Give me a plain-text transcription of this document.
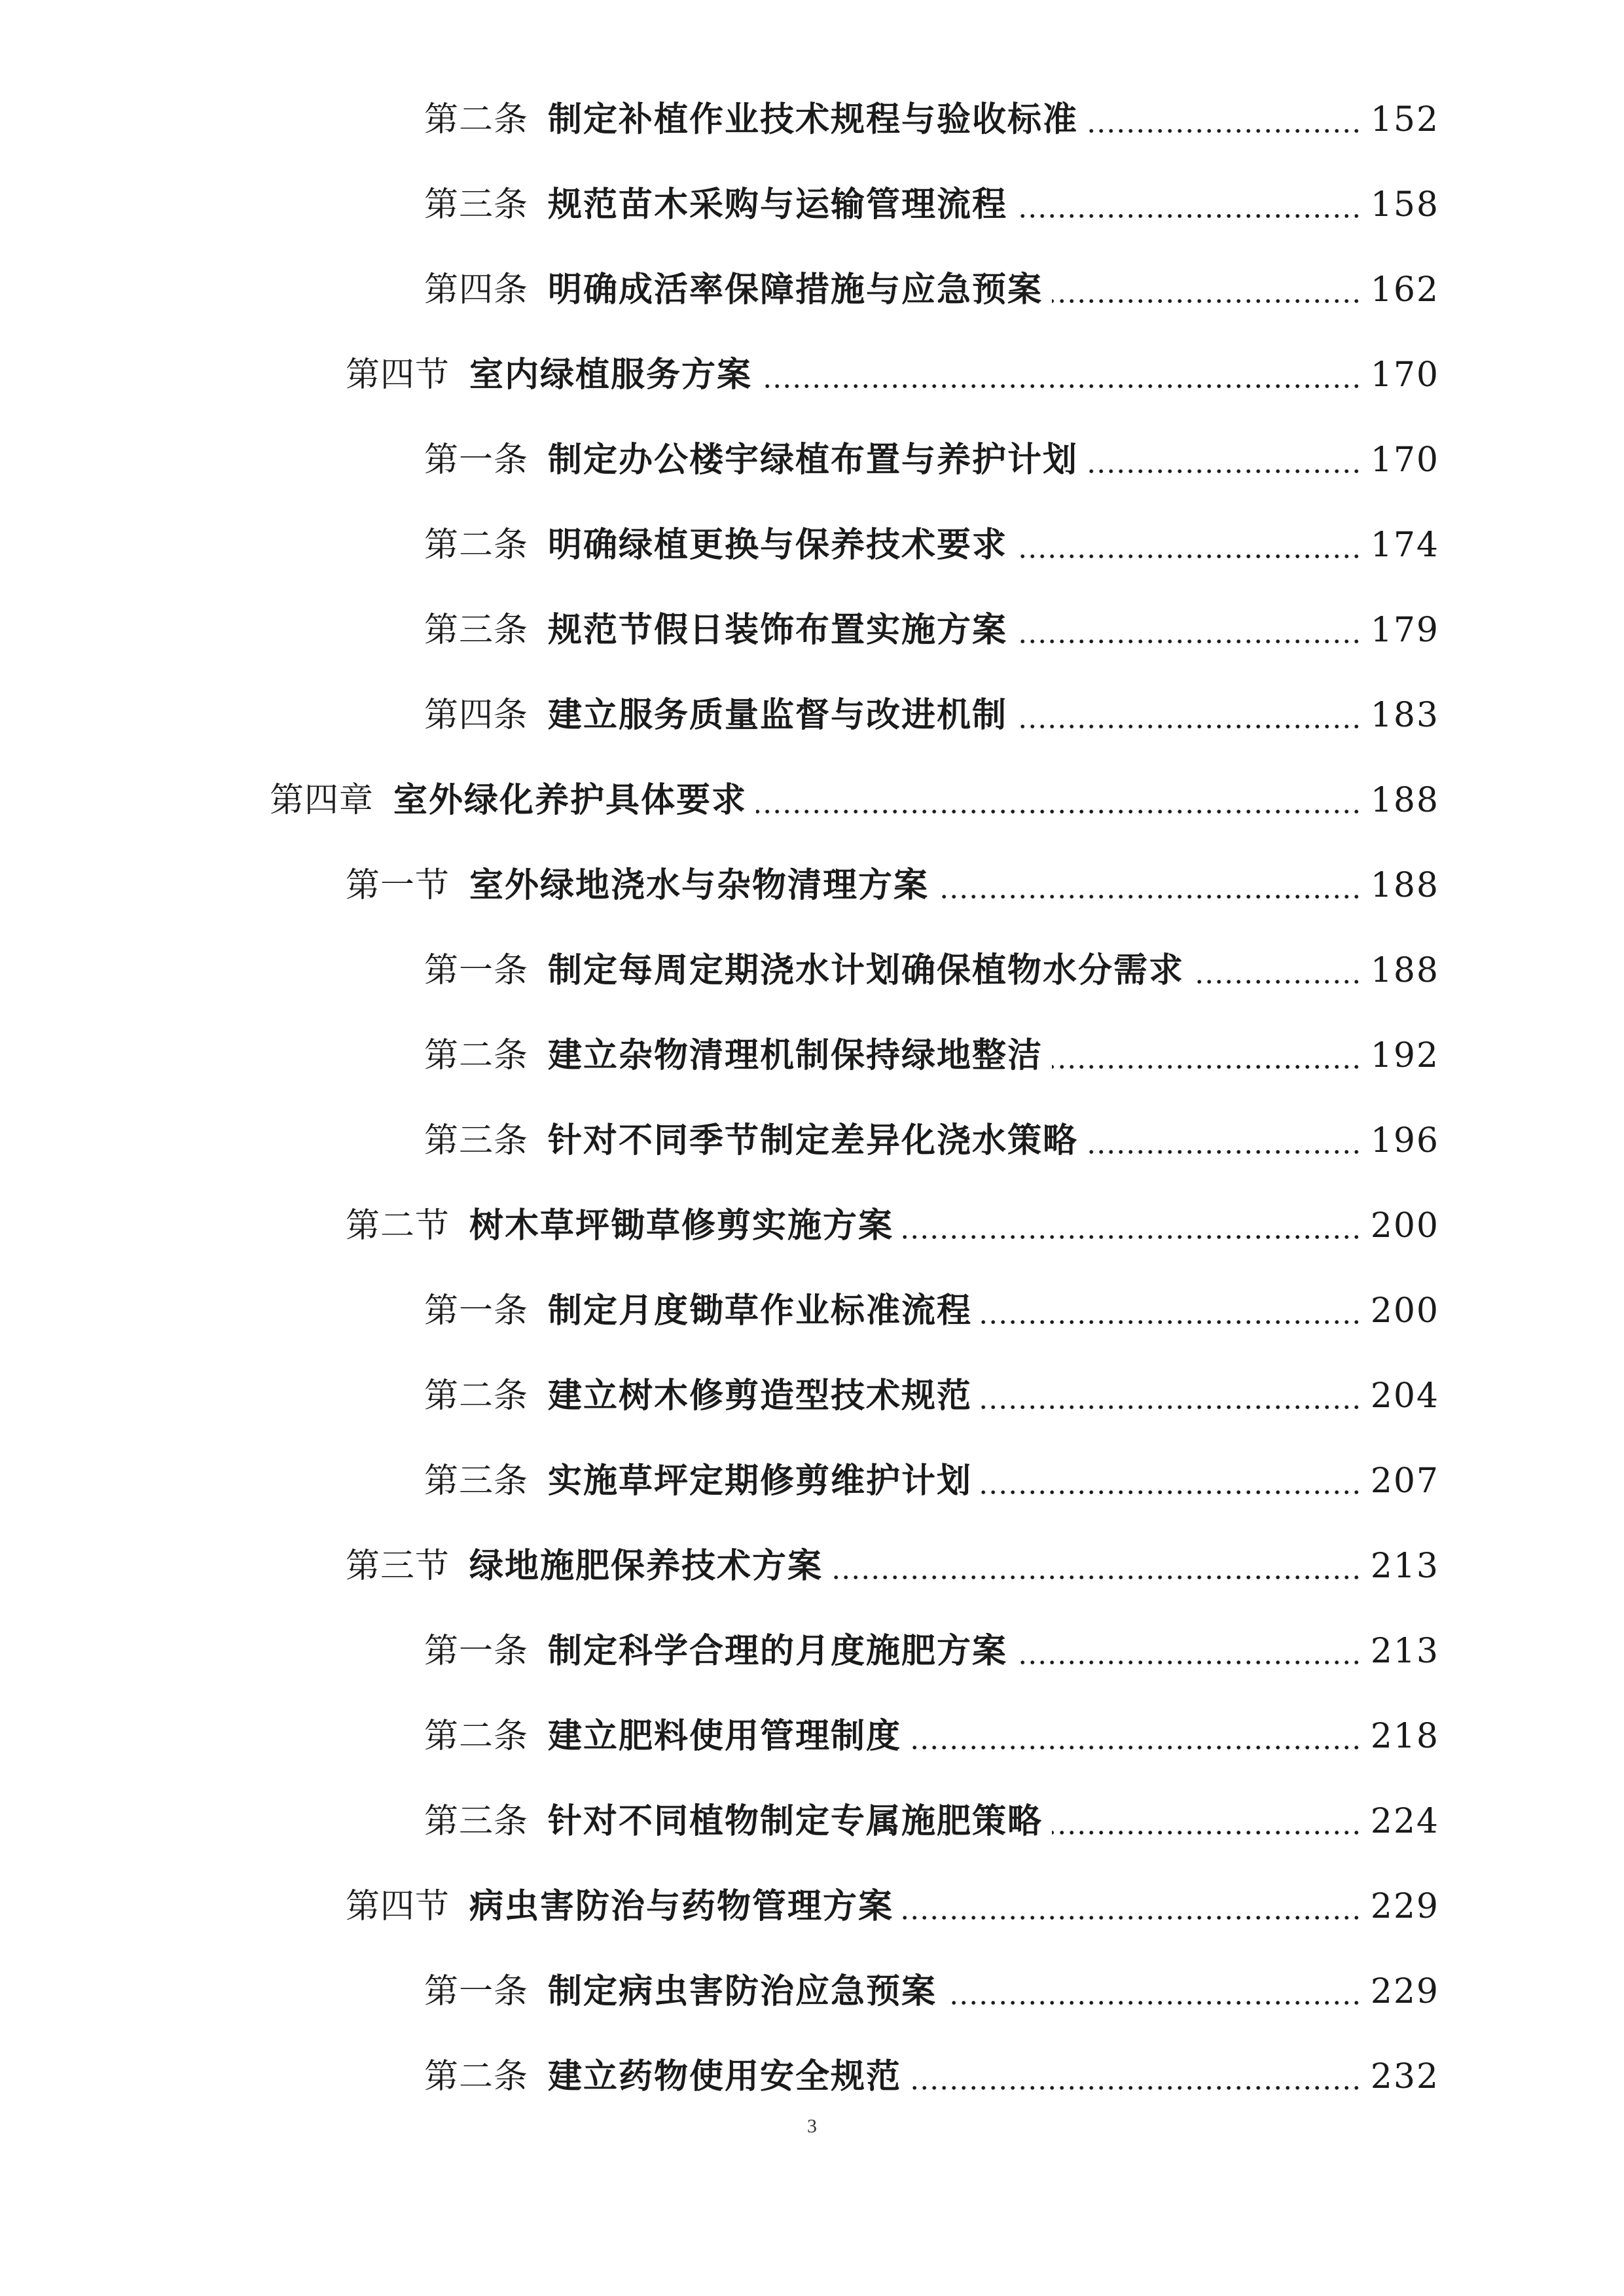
第二条 制定补植作业技术规程与验收标准	152
第三条 规范苗木采购与运输管理流程	158
第四条 明确成活率保障措施与应急预案	162
第四节 室内绿植服务方案	170
第一条 制定办公楼宇绿植布置与养护计划	170
第二条 明确绿植更换与保养技术要求	174
第三条 规范节假日装饰布置实施方案	179
第四条 建立服务质量监督与改进机制	183
第四章 室外绿化养护具体要求	188
第一节 室外绿地浇水与杂物清理方案	188
第一条 制定每周定期浇水计划确保植物水分需求	188
第二条 建立杂物清理机制保持绿地整洁	192
第三条 针对不同季节制定差异化浇水策略	196
第二节 树木草坪锄草修剪实施方案	200
第一条 制定月度锄草作业标准流程	200
第二条 建立树木修剪造型技术规范	204
第三条 实施草坪定期修剪维护计划	207
第三节 绿地施肥保养技术方案	213
第一条 制定科学合理的月度施肥方案	213
第二条 建立肥料使用管理制度	218
第三条 针对不同植物制定专属施肥策略	224
第四节 病虫害防治与药物管理方案	229
第一条 制定病虫害防治应急预案	229
第二条 建立药物使用安全规范	232
3
